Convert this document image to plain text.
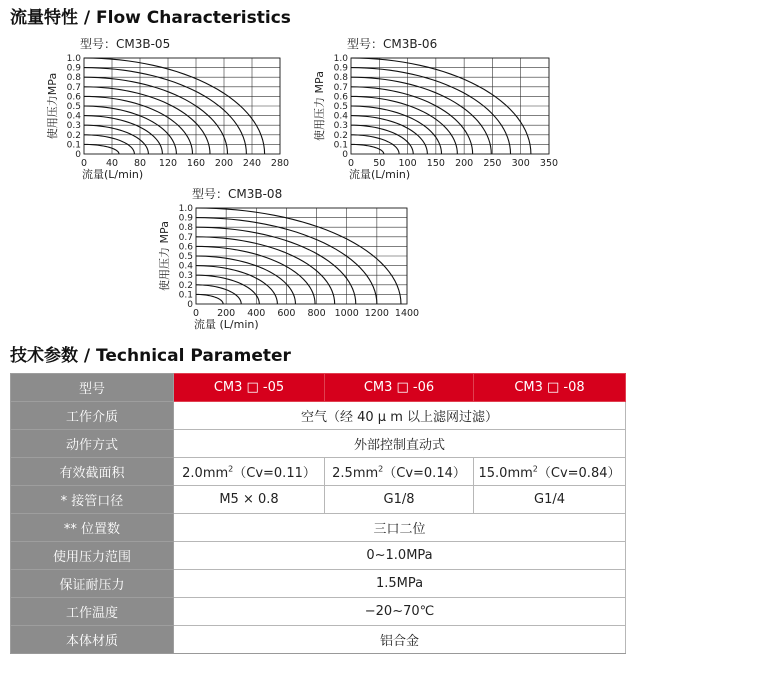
流量特性 / Flow Characteristics
型号：CM3B-05
0
0.1
0.2
0.3
0.4
0.5
0.6
0.7
0.8
0.9
1.0
0 40 80 120 160 200 240 280
流量(L/min)
使用压力MPa
型号：CM3B-06
0
0.1
0.2
0.3
0.4
0.5
0.6
0.7
0.8
0.9
1.0
0 50 100 150 200 250 300 350
流量(L/min)
使用压力 MPa
型号：CM3B-08
0
0.1
0.2
0.3
0.4
0.5
0.6
0.7
0.8
0.9
1.0
0 200 400 600 800 1000 1200 1400
流量 (L/min)
使用压力 MPa
技术参数 / Technical Parameter
型号	CM3 □ -05	CM3 □ -06	CM3 □ -08
工作介质	空气（经 40 μ m 以上滤网过滤）		
动作方式	外部控制直动式		
有效截面积	$2.0mm^2(Cv=0.11)$	$2.5mm^2(Cv=0.14)$	$15.0mm^2(Cv=0.84)$
* 接管口径	M5 × 0.8	G1/8	G1/4
** 位置数	三口二位		
使用压力范围	0~1.0MPa		
保证耐压力	1.5MPa		
工作温度	−20~70℃		
本体材质	铝合金		
